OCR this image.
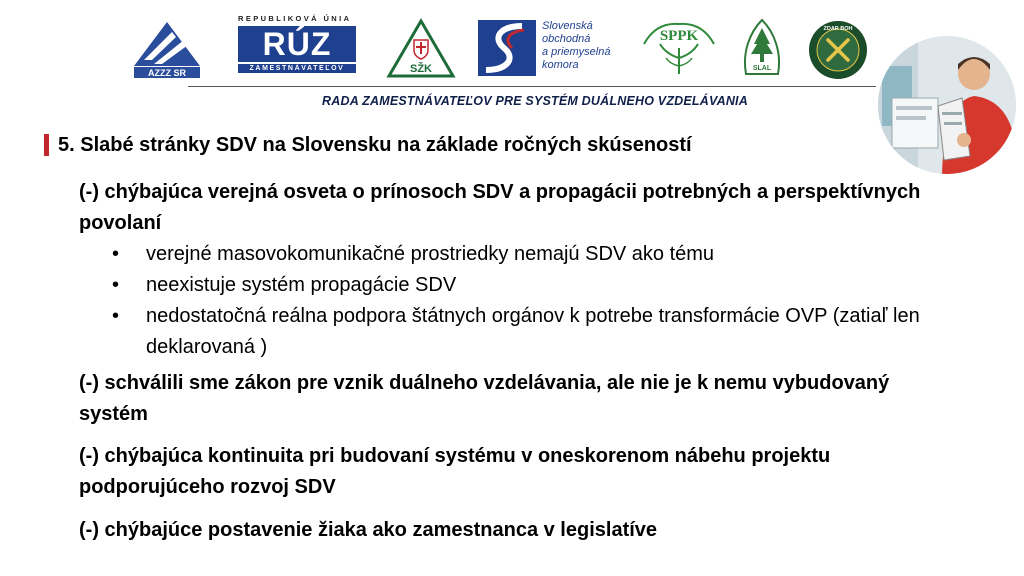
AZZZ SR
REPUBLIKOVÁ ÚNIA
RÚZ
ZAMESTNÁVATEĽOV	SŽK
Slovenská
obchodná
a priemyselná
komora
SPPK
SLAL
ZDAR BOH
RADA ZAMESTNÁVATEĽOV PRE SYSTÉM DUÁLNEHO VZDELÁVANIA
5. Slabé stránky SDV na Slovensku na základe ročných skúseností
(-) chýbajúca verejná osveta o prínosoch SDV a propagácii potrebných a perspektívnych povolaní
• verejné masovokomunikačné prostriedky nemajú SDV ako tému
• neexistuje systém propagácie SDV
• nedostatočná reálna podpora štátnych orgánov k potrebe transformácie OVP (zatiaľ len deklarovaná )
(-) schválili sme zákon pre vznik duálneho vzdelávania, ale nie je k nemu vybudovaný systém
(-) chýbajúca kontinuita pri budovaní systému v oneskorenom nábehu projektu podporujúceho rozvoj SDV
(-) chýbajúce postavenie žiaka ako zamestnanca v legislatíve
